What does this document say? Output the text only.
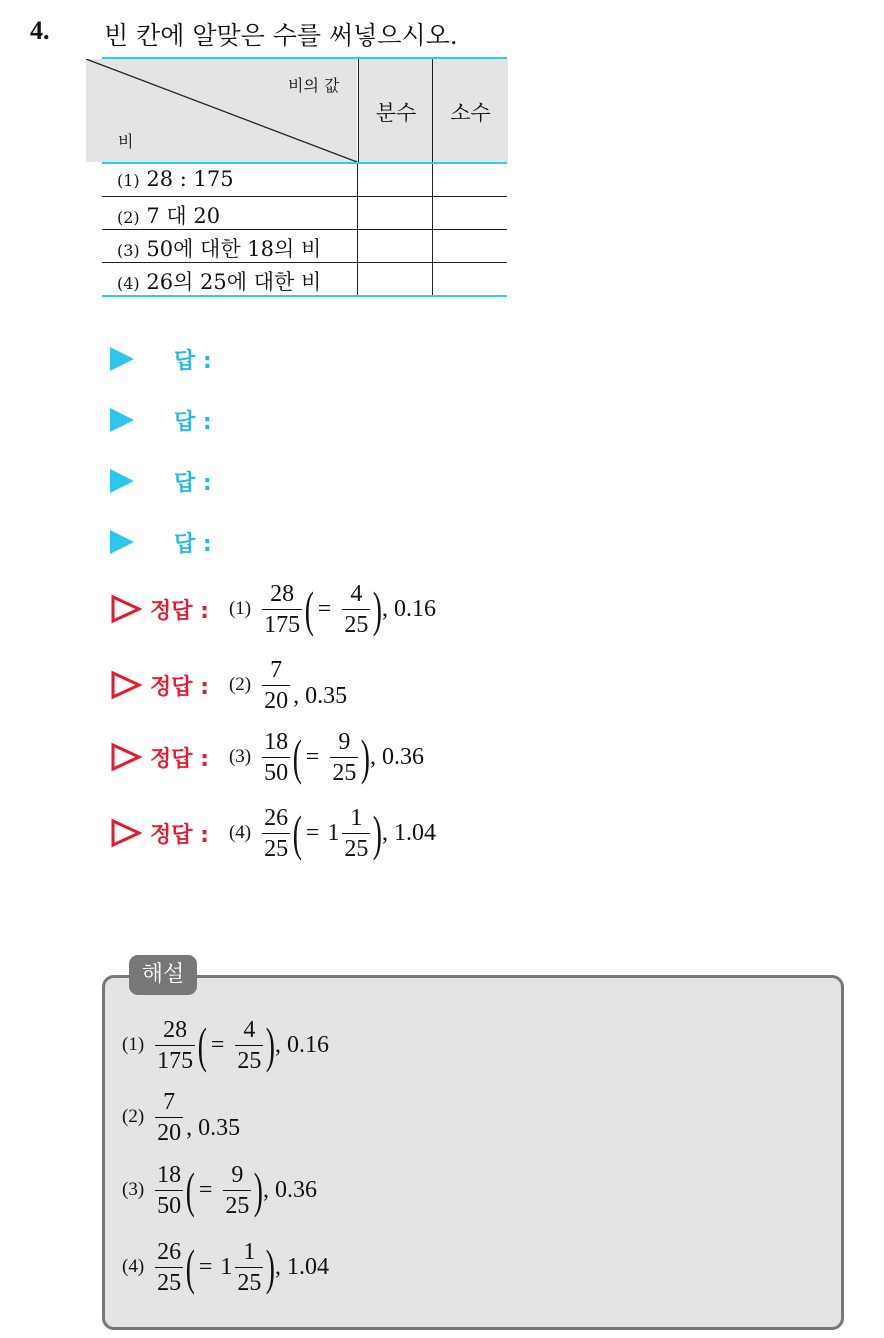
4. 빈 칸에 알맞은 수를 써넣으시오.
비의 값
비
분수	소수
(1) 28 : 175
(2) 7 대 20
(3) 50에 대한 18의 비
(4) 26의 25에 대한 비
답 :
답 :
답 :
답 :
정답 : $(1) \frac{28}{175}$ ( = $\frac{4}{25}$ ) , 0.16
정답 : $(2) \frac{7}{20}$ , 0.35
정답 : $(3) \frac{18}{50}$ ( = $\frac{9}{25}$ ) , 0.36
정답 : $(4) \frac{26}{25}$ ( = $1 \frac{1}{25}$ ) , 1.04
해설
$(1) \frac{28}{175}$ ( = $\frac{4}{25}$ ) , 0.16
$(2) \frac{7}{20}$ , 0.35
$(3) \frac{18}{50}$ ( = $\frac{9}{25}$ ) , 0.36
$(4) \frac{26}{25}$ ( = $1 \frac{1}{25}$ ) , 1.04
